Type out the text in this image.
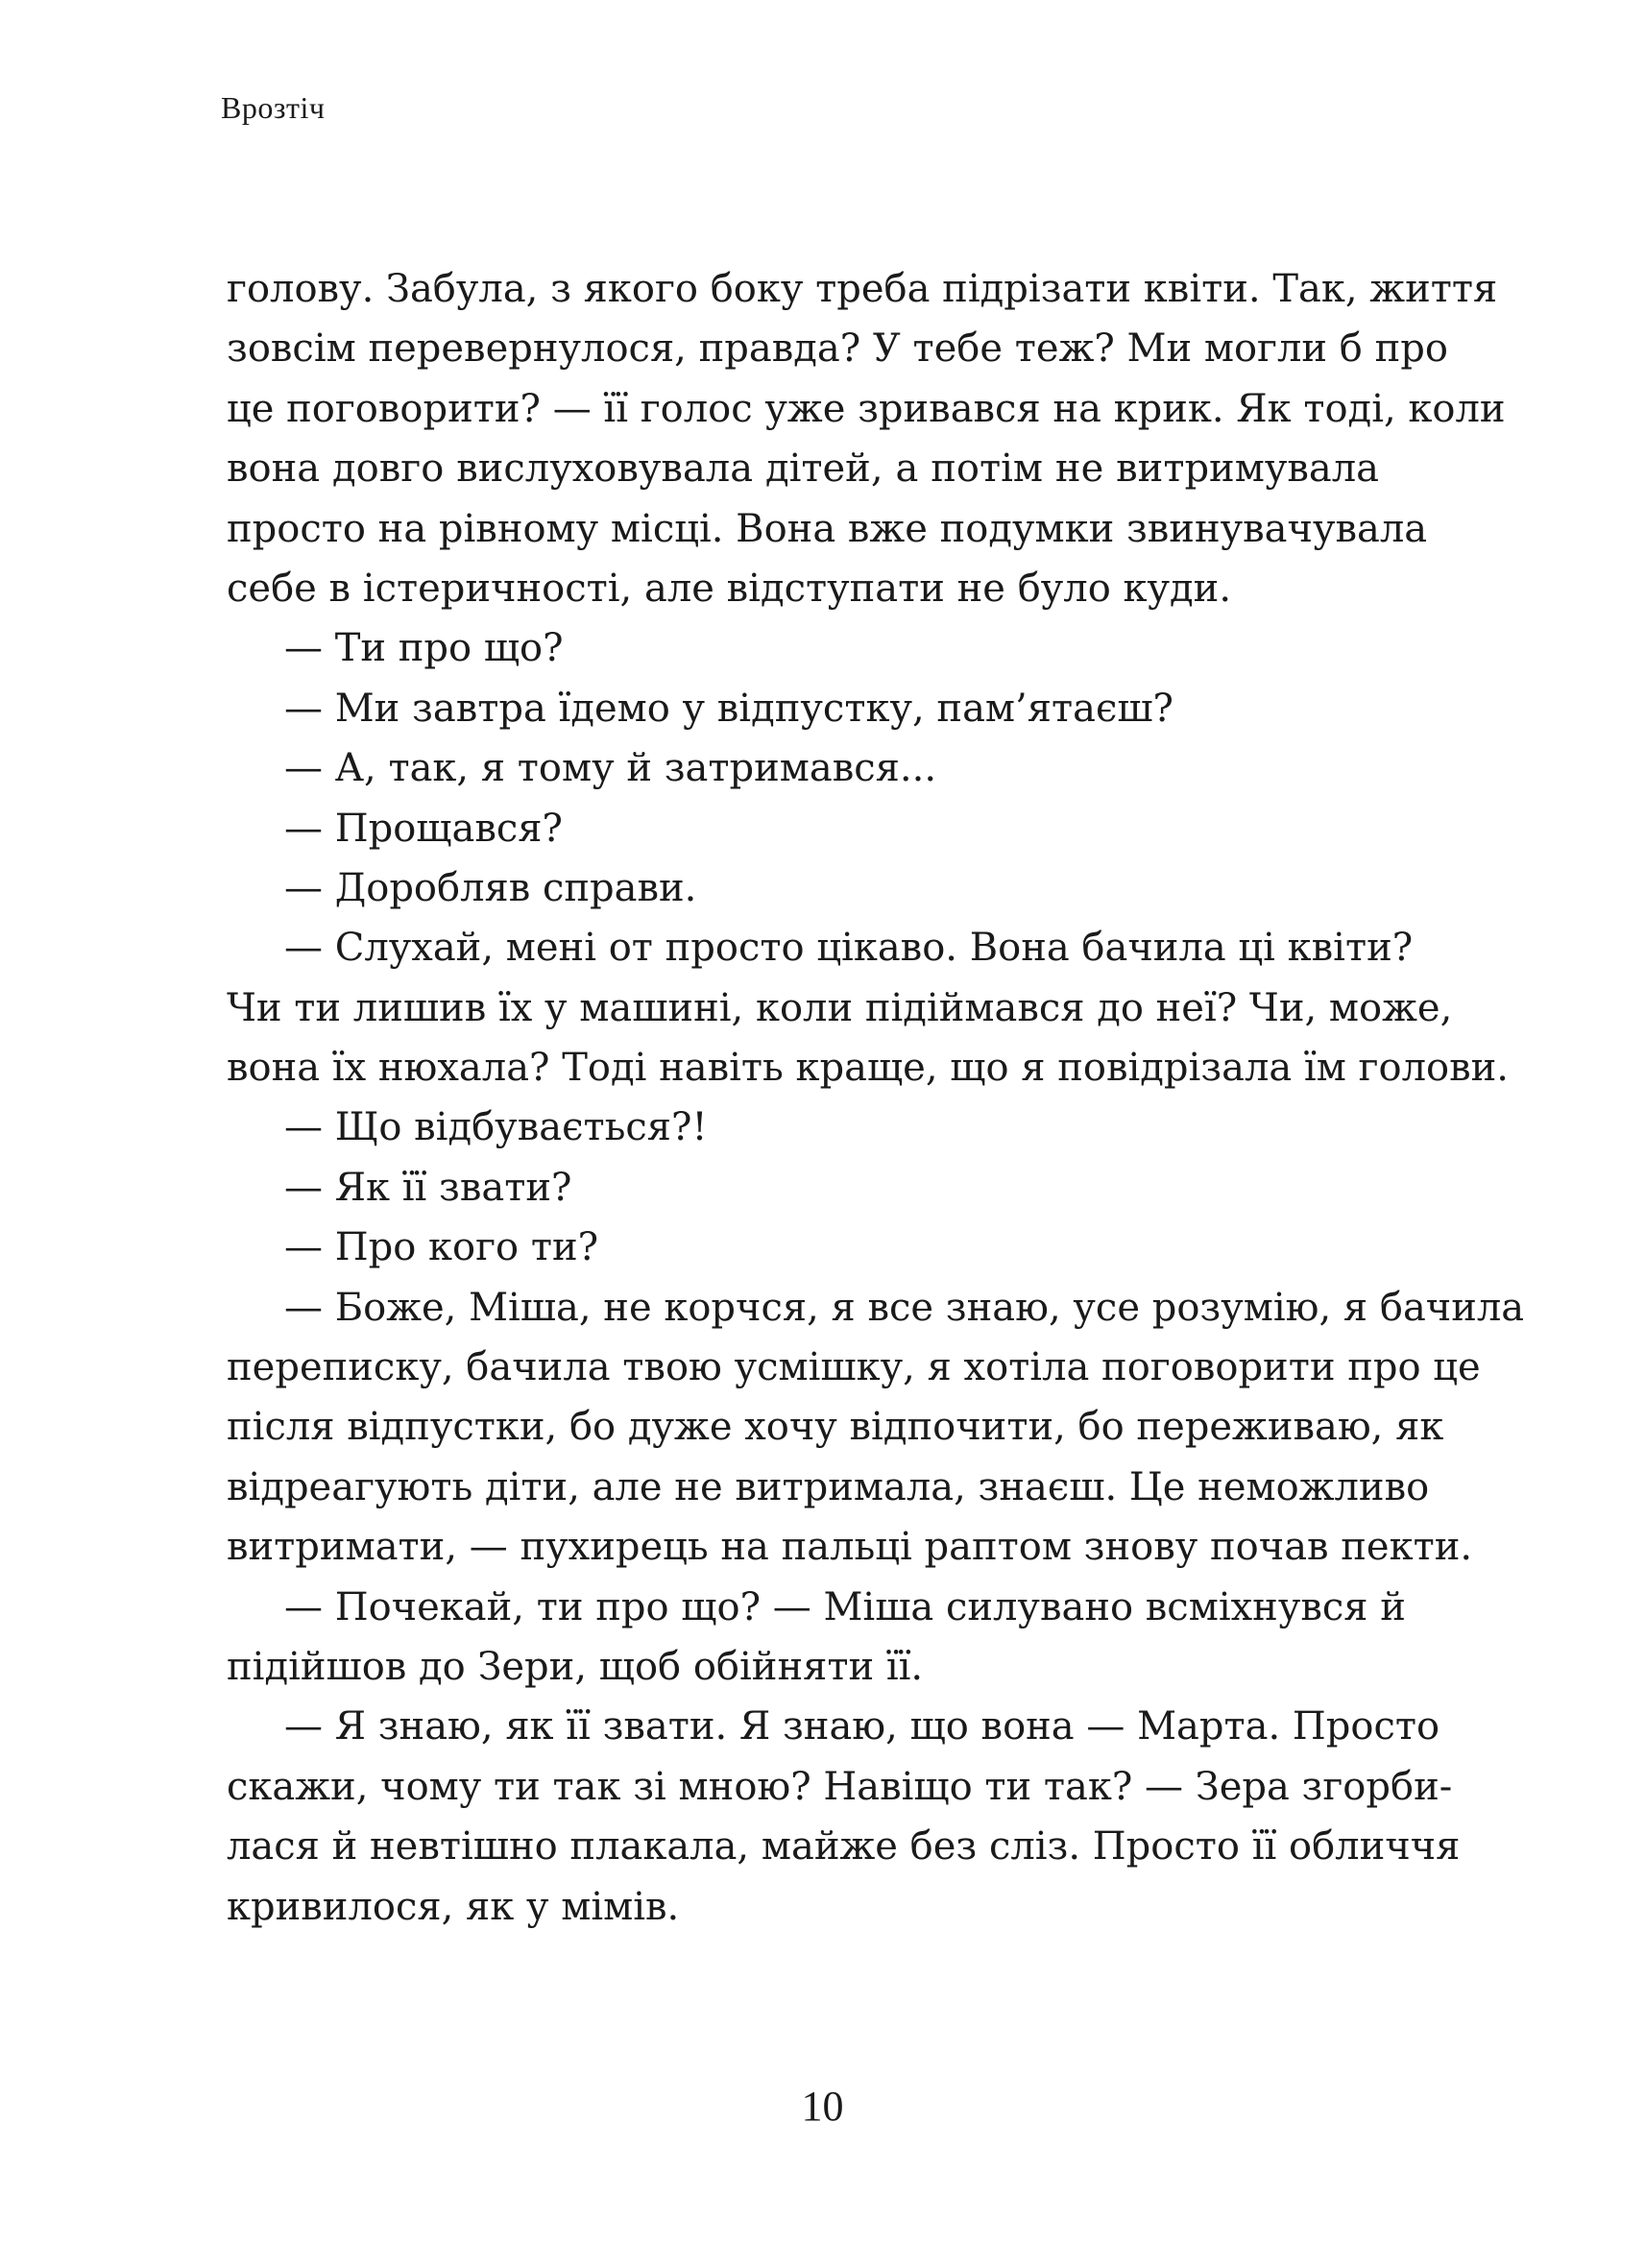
Врозтіч
голову. Забула, з якого боку треба підрізати квіти. Так, життя
зовсім перевернулося, правда? У тебе теж? Ми могли б про
це поговорити? — її голос уже зривався на крик. Як тоді, коли
вона довго вислуховувала дітей, а потім не витримувала
просто на рівному місці. Вона вже подумки звинувачувала
себе в істеричності, але відступати не було куди.
— Ти про що?
— Ми завтра їдемо у відпустку, пам’ятаєш?
— А, так, я тому й затримався...
— Прощався?
— Доробляв справи.
— Слухай, мені от просто цікаво. Вона бачила ці квіти?
Чи ти лишив їх у машині, коли підіймався до неї? Чи, може,
вона їх нюхала? Тоді навіть краще, що я повідрізала їм голови.
— Що відбувається?!
— Як її звати?
— Про кого ти?
— Боже, Міша, не корчся, я все знаю, усе розумію, я бачила
переписку, бачила твою усмішку, я хотіла поговорити про це
після відпустки, бо дуже хочу відпочити, бо переживаю, як
відреагують діти, але не витримала, знаєш. Це неможливо
витримати, — пухирець на пальці раптом знову почав пекти.
— Почекай, ти про що? — Міша силувано всміхнувся й
підійшов до Зери, щоб обійняти її.
— Я знаю, як її звати. Я знаю, що вона — Марта. Просто
скажи, чому ти так зі мною? Навіщо ти так? — Зера згорби-
лася й невтішно плакала, майже без сліз. Просто її обличчя
кривилося, як у мімів.
10
